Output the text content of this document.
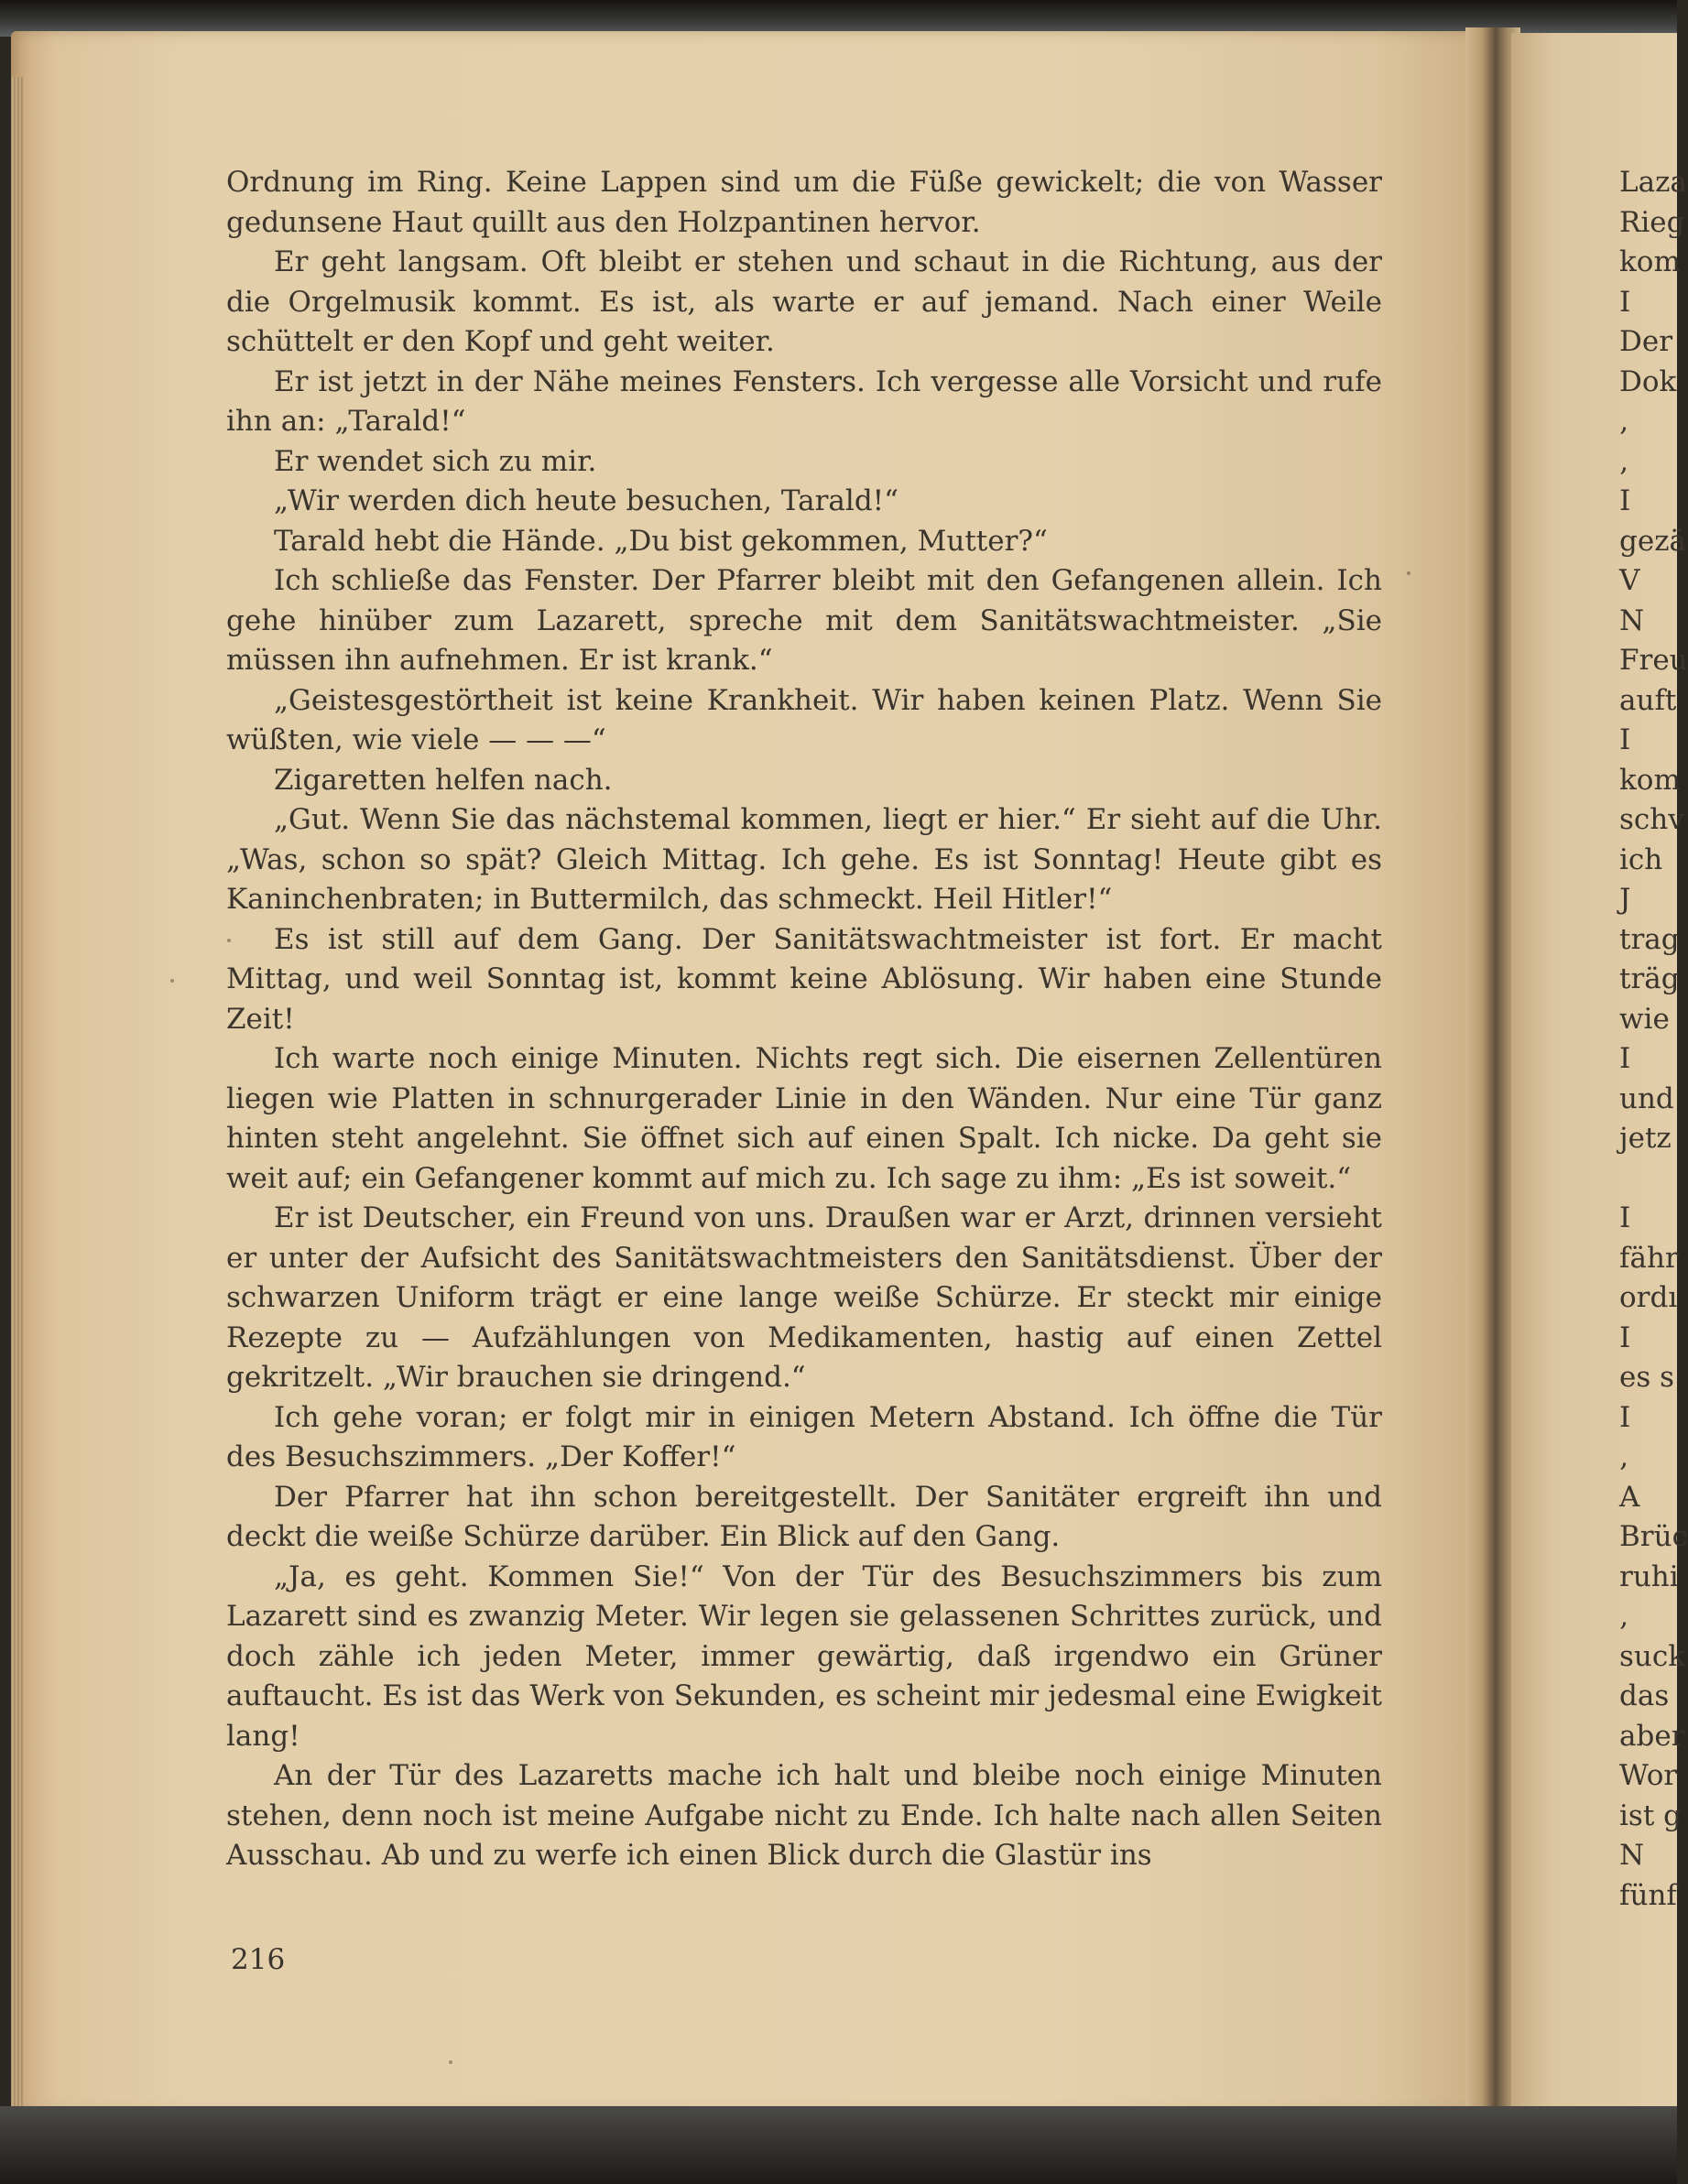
Ordnung im Ring. Keine Lappen sind um die Füße gewickelt; die von Wasser gedunsene Haut quillt aus den Holzpantinen hervor.

Er geht langsam. Oft bleibt er stehen und schaut in die Richtung, aus der die Orgelmusik kommt. Es ist, als warte er auf jemand. Nach einer Weile schüttelt er den Kopf und geht weiter.

Er ist jetzt in der Nähe meines Fensters. Ich vergesse alle Vorsicht und rufe ihn an: „Tarald!“

Er wendet sich zu mir.

„Wir werden dich heute besuchen, Tarald!“

Tarald hebt die Hände. „Du bist gekommen, Mutter?“

Ich schließe das Fenster. Der Pfarrer bleibt mit den Gefangenen allein. Ich gehe hinüber zum Lazarett, spreche mit dem Sanitätswachtmeister. „Sie müssen ihn aufnehmen. Er ist krank.“

„Geistesgestörtheit ist keine Krankheit. Wir haben keinen Platz. Wenn Sie wüßten, wie viele — — —“

Zigaretten helfen nach.

„Gut. Wenn Sie das nächstemal kommen, liegt er hier.“ Er sieht auf die Uhr. „Was, schon so spät? Gleich Mittag. Ich gehe. Es ist Sonntag! Heute gibt es Kaninchenbraten; in Buttermilch, das schmeckt. Heil Hitler!“

Es ist still auf dem Gang. Der Sanitätswachtmeister ist fort. Er macht Mittag, und weil Sonntag ist, kommt keine Ablösung. Wir haben eine Stunde Zeit!

Ich warte noch einige Minuten. Nichts regt sich. Die eisernen Zellentüren liegen wie Platten in schnurgerader Linie in den Wänden. Nur eine Tür ganz hinten steht angelehnt. Sie öffnet sich auf einen Spalt. Ich nicke. Da geht sie weit auf; ein Gefangener kommt auf mich zu. Ich sage zu ihm: „Es ist soweit.“

Er ist Deutscher, ein Freund von uns. Draußen war er Arzt, drinnen versieht er unter der Aufsicht des Sanitätswachtmeisters den Sanitätsdienst. Über der schwarzen Uniform trägt er eine lange weiße Schürze. Er steckt mir einige Rezepte zu — Aufzählungen von Medikamenten, hastig auf einen Zettel gekritzelt. „Wir brauchen sie dringend.“

Ich gehe voran; er folgt mir in einigen Metern Abstand. Ich öffne die Tür des Besuchszimmers. „Der Koffer!“

Der Pfarrer hat ihn schon bereitgestellt. Der Sanitäter ergreift ihn und deckt die weiße Schürze darüber. Ein Blick auf den Gang.

„Ja, es geht. Kommen Sie!“ Von der Tür des Besuchszimmers bis zum Lazarett sind es zwanzig Meter. Wir legen sie gelassenen Schrittes zurück, und doch zähle ich jeden Meter, immer gewärtig, daß irgendwo ein Grüner auftaucht. Es ist das Werk von Sekunden, es scheint mir jedesmal eine Ewigkeit lang!

An der Tür des Lazaretts mache ich halt und bleibe noch einige Minuten stehen, denn noch ist meine Aufgabe nicht zu Ende. Ich halte nach allen Seiten Ausschau. Ab und zu werfe ich einen Blick durch die Glastür ins

216
Laza
Rieg
kom
I
Der
Dok
‚
‚
I
gezä
V
N
Freu
auft
I
kom
schv
ich
J
trag
träg
wie
I
und
jetz
I
fähr
ordı
I
es s
I
‚
A
Brüc
ruhi
‚
suck
das
aber
Wor
ist g
N
fünf
